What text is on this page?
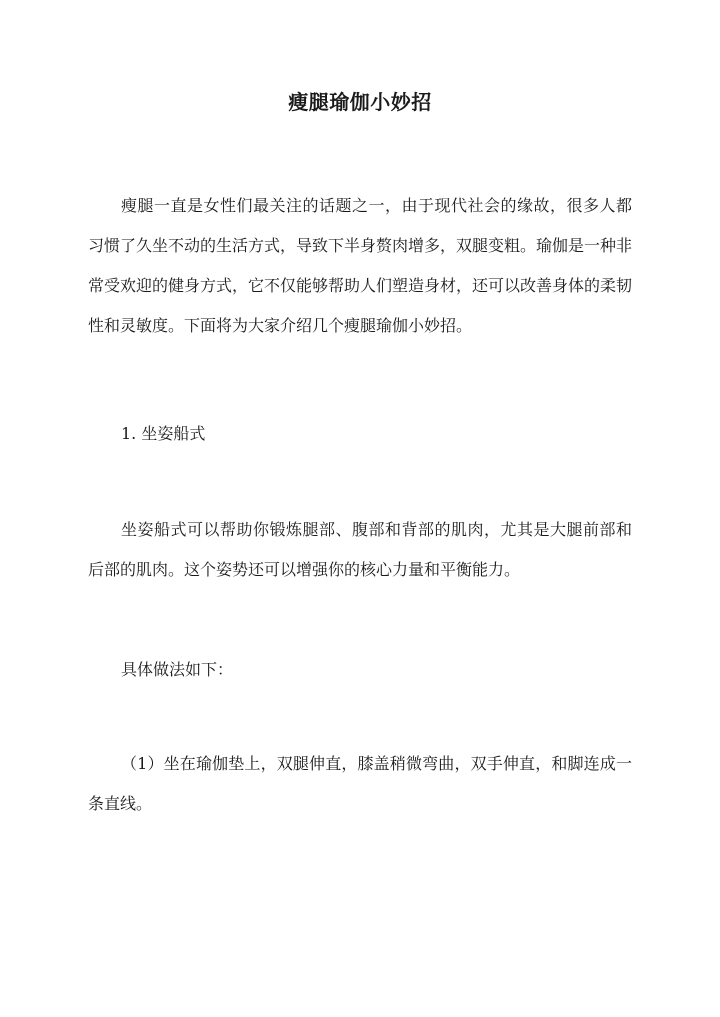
瘦腿瑜伽小妙招

瘦腿一直是女性们最关注的话题之一，由于现代社会的缘故，很多人都习惯了久坐不动的生活方式，导致下半身赘肉增多，双腿变粗。瑜伽是一种非常受欢迎的健身方式，它不仅能够帮助人们塑造身材，还可以改善身体的柔韧性和灵敏度。下面将为大家介绍几个瘦腿瑜伽小妙招。

1. 坐姿船式

坐姿船式可以帮助你锻炼腿部、腹部和背部的肌肉，尤其是大腿前部和后部的肌肉。这个姿势还可以增强你的核心力量和平衡能力。

具体做法如下：

（1）坐在瑜伽垫上，双腿伸直，膝盖稍微弯曲，双手伸直，和脚连成一条直线。
